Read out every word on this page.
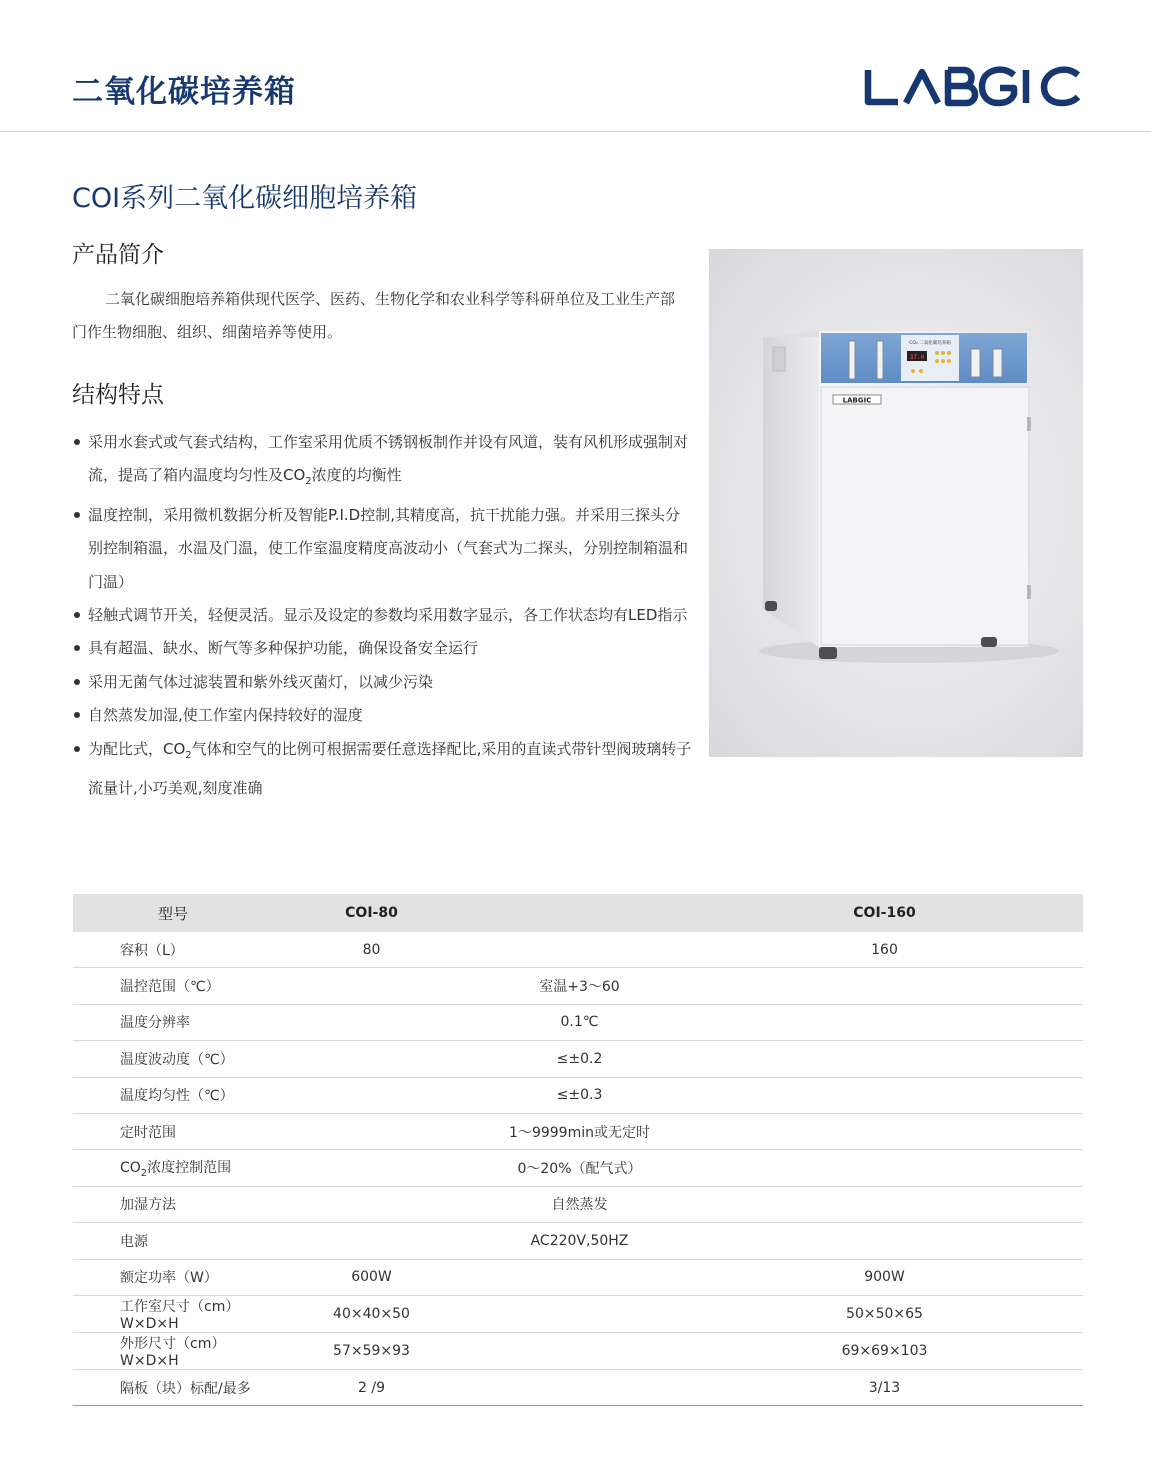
二氧化碳培养箱
COI系列二氧化碳细胞培养箱
产品简介

二氧化碳细胞培养箱供现代医学、医药、生物化学和农业科学等科研单位及工业生产部门作生物细胞、组织、细菌培养等使用。

结构特点
采用水套式或气套式结构，工作室采用优质不锈钢板制作并设有风道，装有风机形成强制对流，提高了箱内温度均匀性及$CO_2$浓度的均衡性
温度控制，采用微机数据分析及智能P.I.D控制,其精度高，抗干扰能力强。并采用三探头分别控制箱温，水温及门温，使工作室温度精度高波动小（气套式为二探头，分别控制箱温和门温）
轻触式调节开关，轻便灵活。显示及设定的参数均采用数字显示，各工作状态均有LED指示
具有超温、缺水、断气等多种保护功能，确保设备安全运行
采用无菌气体过滤装置和紫外线灭菌灯，以减少污染
自然蒸发加湿,使工作室内保持较好的湿度
为配比式，$CO_2$气体和空气的比例可根据需要任意选择配比,采用的直读式带针型阀玻璃转子流量计,小巧美观,刻度准确
CO₂ 二氧化碳培养箱
37.0
LABGIC
型号	COI-80		COI-160
容积（L）	80		160
温控范围（℃）	室温+3～60		
温度分辨率	0.1℃		
温度波动度（℃）	≤±0.2		
温度均匀性（℃）	≤±0.3		
定时范围	1～9999min或无定时		
$CO_2$浓度控制范围	0～20%（配气式）		
加湿方法	自然蒸发		
电源	AC220V,50HZ		
额定功率（W）	600W		900W
工作室尺寸（cm）W×D×H	40×40×50		50×50×65
外形尺寸（cm）W×D×H	57×59×93		69×69×103
隔板（块）标配/最多	2 /9		3/13
